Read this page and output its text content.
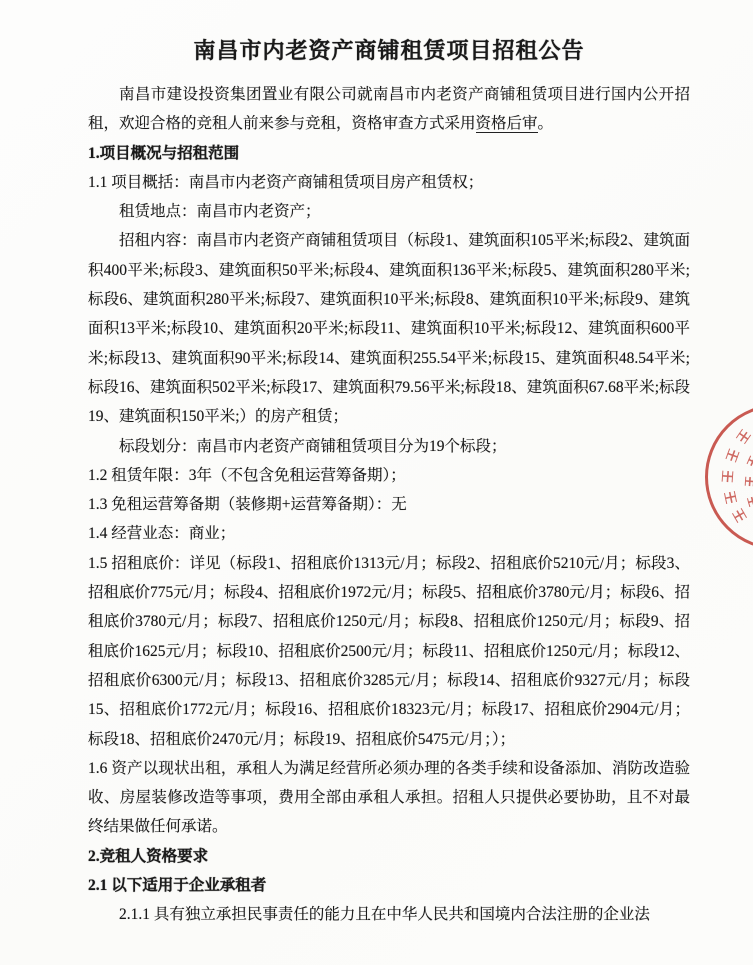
南昌市内老资产商铺租赁项目招租公告

南昌市建设投资集团置业有限公司就南昌市内老资产商铺租赁项目进行国内公开招租，欢迎合格的竞租人前来参与竞租，资格审查方式采用资格后审。

1.项目概况与招租范围

1.1 项目概括：南昌市内老资产商铺租赁项目房产租赁权；

租赁地点：南昌市内老资产；

招租内容：南昌市内老资产商铺租赁项目（标段1、建筑面积105平米;标段2、建筑面积400平米;标段3、建筑面积50平米;标段4、建筑面积136平米;标段5、建筑面积280平米;标段6、建筑面积280平米;标段7、建筑面积10平米;标段8、建筑面积10平米;标段9、建筑面积13平米;标段10、建筑面积20平米;标段11、建筑面积10平米;标段12、建筑面积600平米;标段13、建筑面积90平米;标段14、建筑面积255.54平米;标段15、建筑面积48.54平米;标段16、建筑面积502平米;标段17、建筑面积79.56平米;标段18、建筑面积67.68平米;标段19、建筑面积150平米;）的房产租赁；

标段划分：南昌市内老资产商铺租赁项目分为19个标段；

1.2 租赁年限：3年（不包含免租运营筹备期）；

1.3 免租运营筹备期（装修期+运营筹备期）：无

1.4 经营业态：商业；

1.5 招租底价：详见（标段1、招租底价1313元/月；标段2、招租底价5210元/月；标段3、招租底价775元/月；标段4、招租底价1972元/月；标段5、招租底价3780元/月；标段6、招租底价3780元/月；标段7、招租底价1250元/月；标段8、招租底价1250元/月；标段9、招租底价1625元/月；标段10、招租底价2500元/月；标段11、招租底价1250元/月；标段12、招租底价6300元/月；标段13、招租底价3285元/月；标段14、招租底价9327元/月；标段15、招租底价1772元/月；标段16、招租底价18323元/月；标段17、招租底价2904元/月；标段18、招租底价2470元/月；标段19、招租底价5475元/月；）；

1.6 资产以现状出租，承租人为满足经营所必须办理的各类手续和设备添加、消防改造验收、房屋装修改造等事项，费用全部由承租人承担。招租人只提供必要协助，且不对最终结果做任何承诺。

2.竞租人资格要求

2.1 以下适用于企业承租者

2.1.1 具有独立承担民事责任的能力且在中华人民共和国境内合法注册的企业法
